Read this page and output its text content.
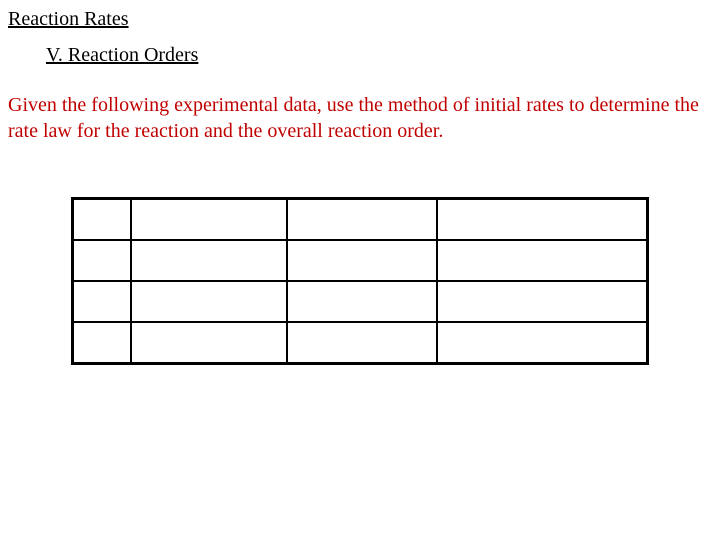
Reaction Rates
V. Reaction Orders
Given the following experimental data, use the method of initial rates to determine the rate law for the reaction and the overall reaction order.
